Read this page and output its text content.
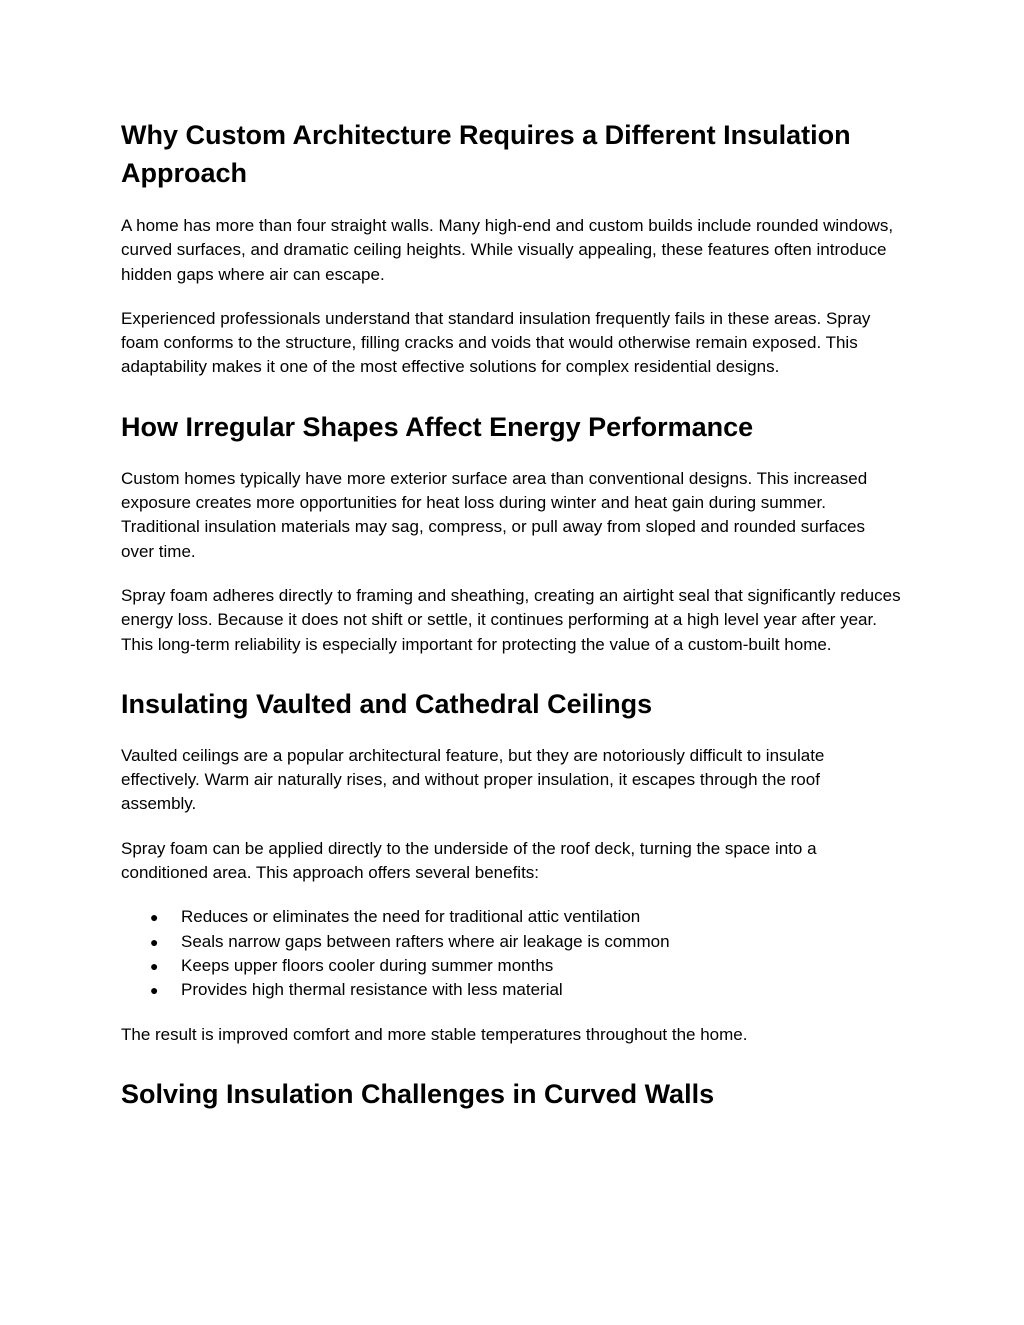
Why Custom Architecture Requires a Different Insulation Approach

A home has more than four straight walls. Many high-end and custom builds include rounded windows, curved surfaces, and dramatic ceiling heights. While visually appealing, these features often introduce hidden gaps where air can escape.

Experienced professionals understand that standard insulation frequently fails in these areas. Spray foam conforms to the structure, filling cracks and voids that would otherwise remain exposed. This adaptability makes it one of the most effective solutions for complex residential designs.

How Irregular Shapes Affect Energy Performance

Custom homes typically have more exterior surface area than conventional designs. This increased exposure creates more opportunities for heat loss during winter and heat gain during summer. Traditional insulation materials may sag, compress, or pull away from sloped and rounded surfaces over time.

Spray foam adheres directly to framing and sheathing, creating an airtight seal that significantly reduces energy loss. Because it does not shift or settle, it continues performing at a high level year after year. This long-term reliability is especially important for protecting the value of a custom-built home.

Insulating Vaulted and Cathedral Ceilings

Vaulted ceilings are a popular architectural feature, but they are notoriously difficult to insulate effectively. Warm air naturally rises, and without proper insulation, it escapes through the roof assembly.

Spray foam can be applied directly to the underside of the roof deck, turning the space into a conditioned area. This approach offers several benefits:

● Reduces or eliminates the need for traditional attic ventilation
● Seals narrow gaps between rafters where air leakage is common
● Keeps upper floors cooler during summer months
● Provides high thermal resistance with less material

The result is improved comfort and more stable temperatures throughout the home.

Solving Insulation Challenges in Curved Walls
